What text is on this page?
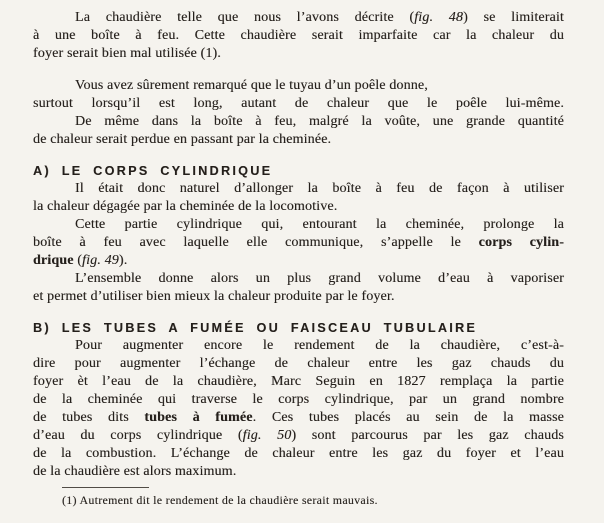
La chaudière telle que nous l’avons décrite (fig. 48) se limiterait
à une boîte à feu. Cette chaudière serait imparfaite car la chaleur du
foyer serait bien mal utilisée (1).
Vous avez sûrement remarqué que le tuyau d’un poêle donne,
surtout lorsqu’il est long, autant de chaleur que le poêle lui-même.
De même dans la boîte à feu, malgré la voûte, une grande quantité
de chaleur serait perdue en passant par la cheminée.
A) LE CORPS CYLINDRIQUE
Il était donc naturel d’allonger la boîte à feu de façon à utiliser
la chaleur dégagée par la cheminée de la locomotive.
Cette partie cylindrique qui, entourant la cheminée, prolonge la
boîte à feu avec laquelle elle communique, s’appelle le corps cylin-
drique (fig. 49).
L’ensemble donne alors un plus grand volume d’eau à vaporiser
et permet d’utiliser bien mieux la chaleur produite par le foyer.
B) LES TUBES A FUMÉE OU FAISCEAU TUBULAIRE
Pour augmenter encore le rendement de la chaudière, c’est-à-
dire pour augmenter l’échange de chaleur entre les gaz chauds du
foyer èt l’eau de la chaudière, Marc Seguin en 1827 remplaça la partie
de la cheminée qui traverse le corps cylindrique, par un grand nombre
de tubes dits tubes à fumée. Ces tubes placés au sein de la masse
d’eau du corps cylindrique (fig. 50) sont parcourus par les gaz chauds
de la combustion. L’échange de chaleur entre les gaz du foyer et l’eau
de la chaudière est alors maximum.
(1) Autrement dit le rendement de la chaudière serait mauvais.
